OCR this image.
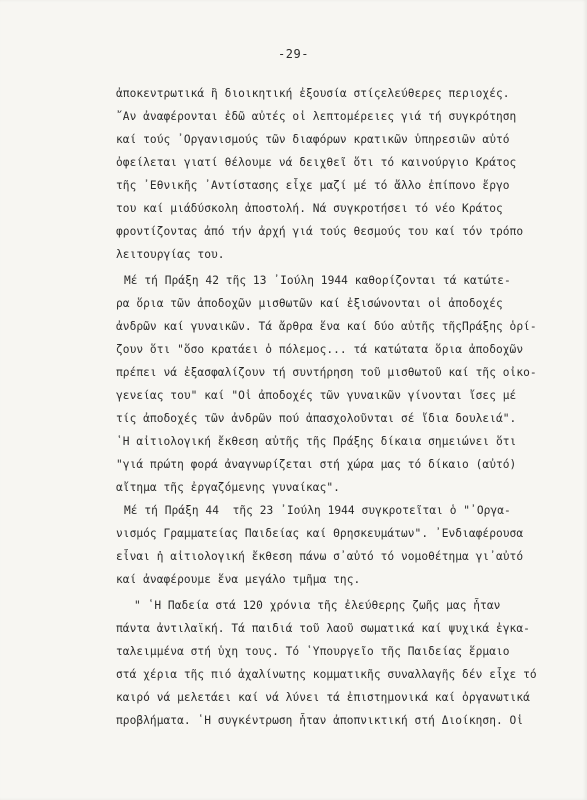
-29-
ἀποκεντρωτικά ἢ διοικητική ἐξουσία στίςελεύθερες περιοχές.
῎Αν ἀναφέρονται ἐδῶ αὐτές οἱ λεπτομέρειες γιά τή συγκρότηση
καί τούς ᾽Οργανισμούς τῶν διαφόρων κρατικῶν ὑπηρεσιῶν αὐτό
ὀφείλεται γιατί θέλουμε νά δειχθεῖ ὅτι τό καινούργιο Κράτος
τῆς ᾽Εθνικῆς ᾽Αντίστασης εἶχε μαζί μέ τό ἄλλο ἐπίπονο ἔργο
του καί μιάδύσκολη ἀποστολή. Νά συγκροτήσει τό νέο Κράτος
φροντίζοντας ἀπό τήν ἀρχή γιά τούς θεσμούς του καί τόν τρόπο
λειτουργίας του.
Μέ τή Πράξη 42 τῆς 13 ᾽Ιούλη 1944 καθορίζονται τά κατώτε-
ρα ὅρια τῶν ἀποδοχῶν μισθωτῶν καί ἐξισώνονται οἱ ἀποδοχές
ἀνδρῶν καί γυναικῶν. Τά ἄρθρα ἕνα καί δύο αὐτῆς τῆςΠράξης ὁρί-
ζουν ὅτι "ὅσο κρατάει ὁ πόλεμος... τά κατώτατα ὅρια ἀποδοχῶν
πρέπει νά ἐξασφαλίζουν τή συντήρηση τοῦ μισθωτοῦ καί τῆς οἰκο-
γενείας του" καί "Οἱ ἀποδοχές τῶν γυναικῶν γίνονται ἴσες μέ
τίς ἀποδοχές τῶν ἀνδρῶν πού ἀπασχολοῦνται σέ ἴδια δουλειά".
῾Η αἰτιολογική ἔκθεση αὐτῆς τῆς Πράξης δίκαια σημειώνει ὅτι
"γιά πρώτη φορά ἀναγνωρίζεται στή χώρα μας τό δίκαιο (αὐτό)
αἴτημα τῆς ἐργαζόμενης γυναίκας".
Μέ τή Πράξη 44  τῆς 23 ᾽Ιούλη 1944 συγκροτεῖται ὁ "᾽Οργα-
νισμός Γραμματείας Παιδείας καί Θρησκευμάτων". ᾽Ενδιαφέρουσα
εἶναι ἡ αἰτιολογική ἔκθεση πάνω σ᾽αὐτό τό νομοθέτημα γι᾽αὐτό
καί ἀναφέρουμε ἕνα μεγάλο τμῆμα της.
" ῾Η Παδεία στά 120 χρόνια τῆς ἐλεύθερης ζωῆς μας ἦταν
πάντα ἀντιλαϊκή. Τά παιδιά τοῦ λαοῦ σωματικά καί ψυχικά ἐγκα-
ταλειμμένα στή ὑχη τους. Τό ῾Υπουργεῖο τῆς Παιδείας ἕρμαιο
στά χέρια τῆς πιό ἀχαλίνωτης κομματικῆς συναλλαγῆς δέν εἶχε τό
καιρό νά μελετάει καί νά λύνει τά ἐπιστημονικά καί ὀργανωτικά
προβλήματα. ῾Η συγκέντρωση ἦταν ἀποπνικτική στή Διοίκηση. Οἱ
